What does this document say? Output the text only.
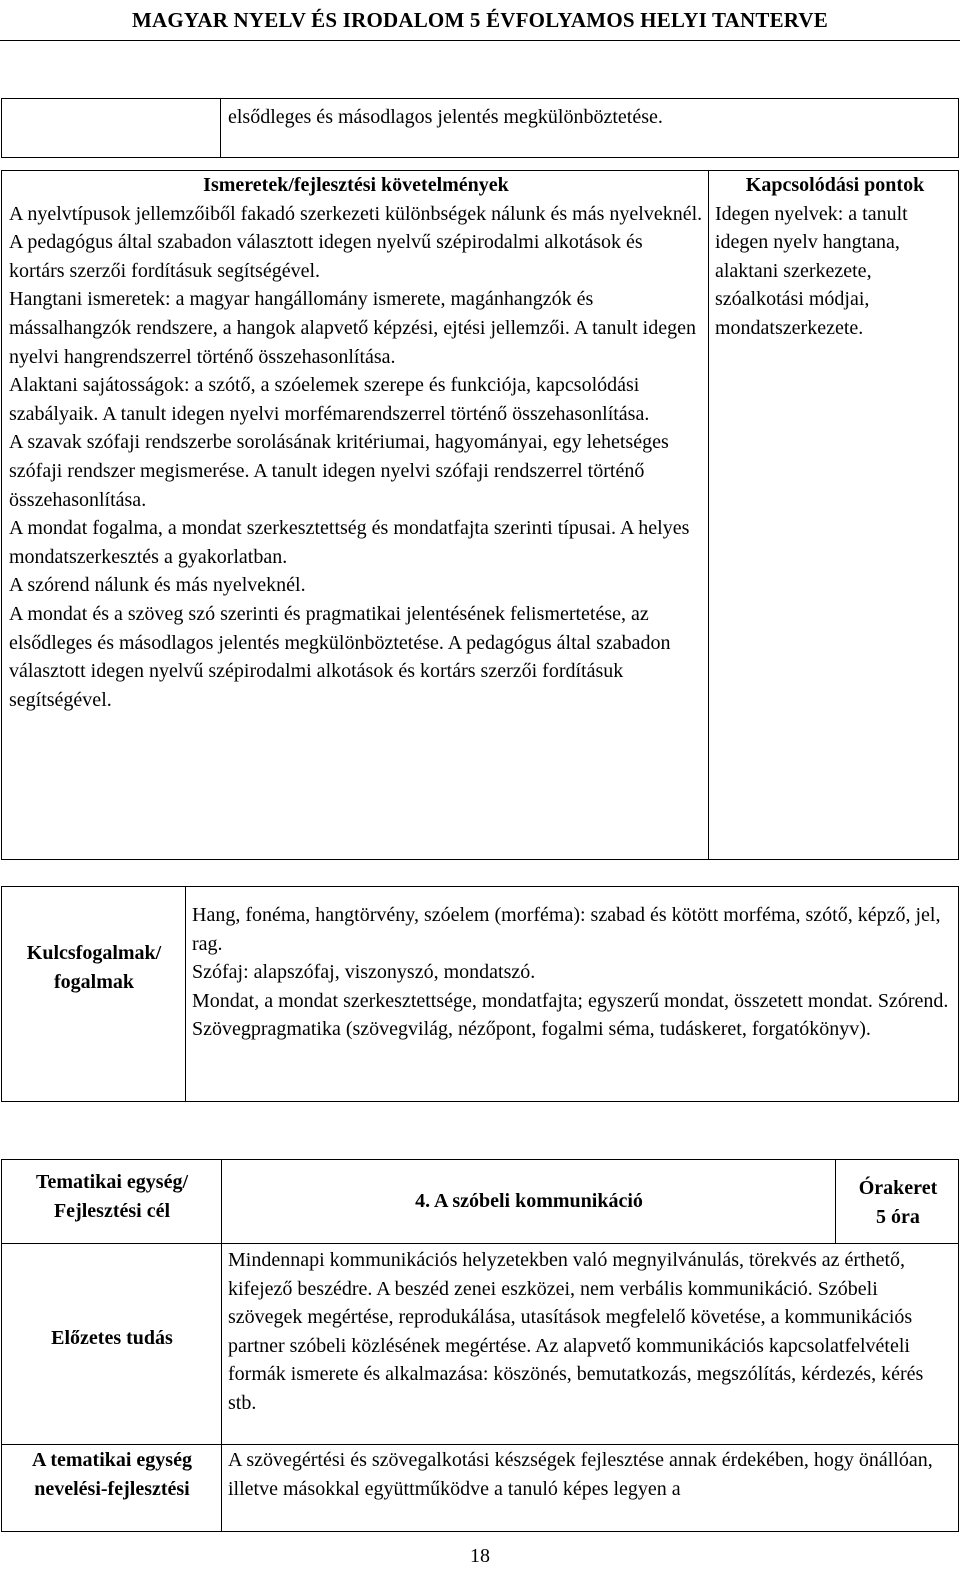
MAGYAR NYELV ÉS IRODALOM 5 ÉVFOLYAMOS HELYI TANTERVE
elsődleges és másodlagos jelentés megkülönböztetése.
Ismeretek/fejlesztési követelmények
A nyelvtípusok jellemzőiből fakadó szerkezeti különbségek nálunk és más nyelveknél. A pedagógus által szabadon választott idegen nyelvű szépirodalmi alkotások és kortárs szerzői fordításuk segítségével.
Hangtani ismeretek: a magyar hangállomány ismerete, magánhangzók és mássalhangzók rendszere, a hangok alapvető képzési, ejtési jellemzői. A tanult idegen nyelvi hangrendszerrel történő összehasonlítása.
Alaktani sajátosságok: a szótő, a szóelemek szerepe és funkciója, kapcsolódási szabályaik. A tanult idegen nyelvi morfémarendszerrel történő összehasonlítása.
A szavak szófaji rendszerbe sorolásának kritériumai, hagyományai, egy lehetséges szófaji rendszer megismerése. A tanult idegen nyelvi szófaji rendszerrel történő összehasonlítása.
A mondat fogalma, a mondat szerkesztettség és mondatfajta szerinti típusai. A helyes mondatszerkesztés a gyakorlatban.
A szórend nálunk és más nyelveknél.
A mondat és a szöveg szó szerinti és pragmatikai jelentésének felismertetése, az elsődleges és másodlagos jelentés megkülönböztetése. A pedagógus által szabadon választott idegen nyelvű szépirodalmi alkotások és kortárs szerzői fordításuk segítségével.
Kapcsolódási pontok
Idegen nyelvek: a tanult idegen nyelv hangtana, alaktani szerkezete, szóalkotási módjai, mondatszerkezete.
Kulcsfogalmak/ fogalmak
Hang, fonéma, hangtörvény, szóelem (morféma): szabad és kötött morféma, szótő, képző, jel, rag.
Szófaj: alapszófaj, viszonyszó, mondatszó.
Mondat, a mondat szerkesztettsége, mondatfajta; egyszerű mondat, összetett mondat. Szórend.
Szövegpragmatika (szövegvilág, nézőpont, fogalmi séma, tudáskeret, forgatókönyv).
Tematikai egység/ Fejlesztési cél	4. A szóbeli kommunikáció
Órakeret
5 óra
Előzetes tudás
Mindennapi kommunikációs helyzetekben való megnyilvánulás, törekvés az érthető, kifejező beszédre. A beszéd zenei eszközei, nem verbális kommunikáció. Szóbeli szövegek megértése, reprodukálása, utasítások megfelelő követése, a kommunikációs partner szóbeli közlésének megértése. Az alapvető kommunikációs kapcsolatfelvételi formák ismerete és alkalmazása: köszönés, bemutatkozás, megszólítás, kérdezés, kérés stb.
A tematikai egység nevelési-fejlesztési
A szövegértési és szövegalkotási készségek fejlesztése annak érdekében, hogy önállóan, illetve másokkal együttműködve a tanuló képes legyen a
18
